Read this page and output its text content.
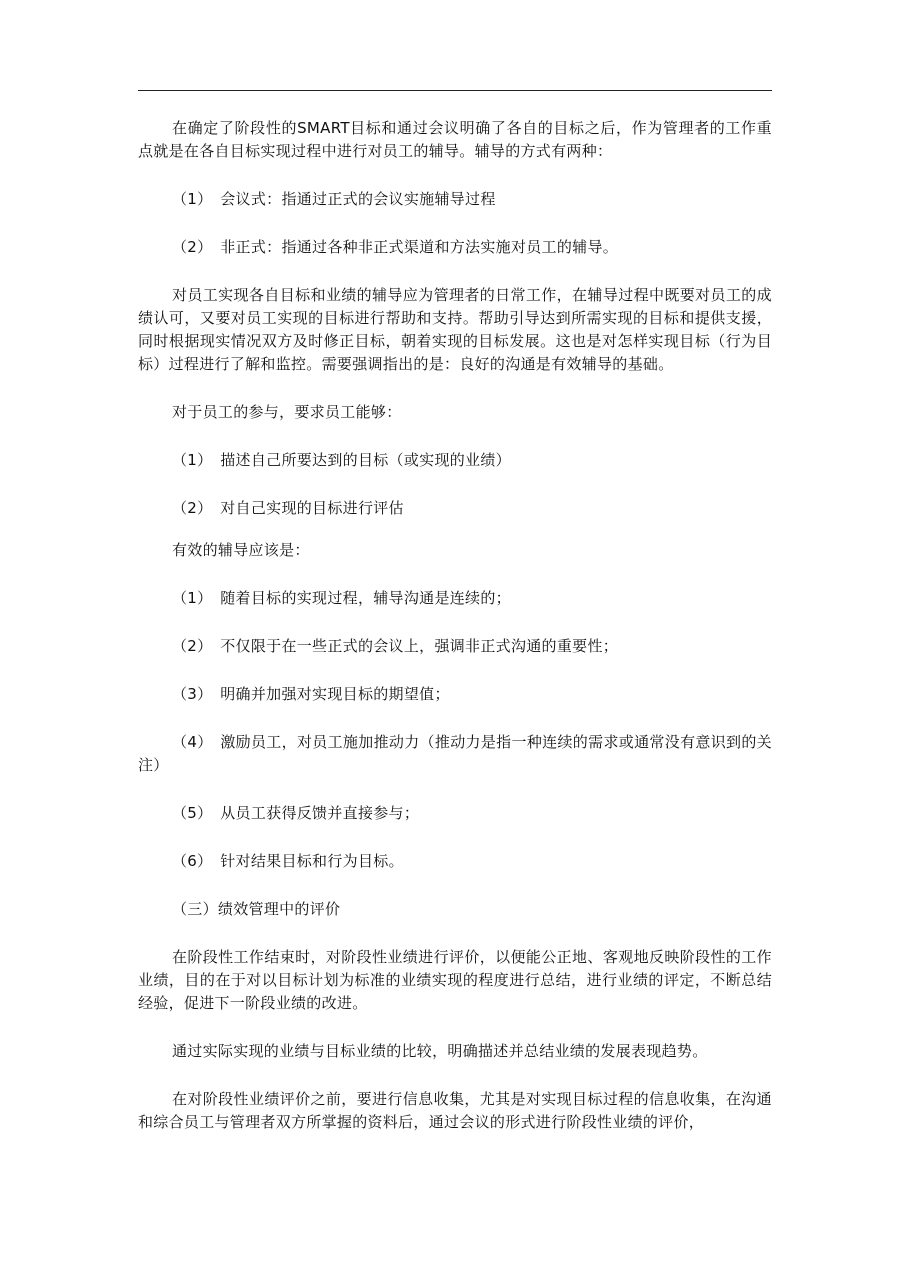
在确定了阶段性的SMART目标和通过会议明确了各自的目标之后，作为管理者的工作重点就是在各自目标实现过程中进行对员工的辅导。辅导的方式有两种：

（1）　会议式：指通过正式的会议实施辅导过程

（2）　非正式：指通过各种非正式渠道和方法实施对员工的辅导。

对员工实现各自目标和业绩的辅导应为管理者的日常工作，在辅导过程中既要对员工的成绩认可，又要对员工实现的目标进行帮助和支持。帮助引导达到所需实现的目标和提供支援，同时根据现实情况双方及时修正目标，朝着实现的目标发展。这也是对怎样实现目标（行为目标）过程进行了解和监控。需要强调指出的是：良好的沟通是有效辅导的基础。

对于员工的参与，要求员工能够：

（1）　描述自己所要达到的目标（或实现的业绩）

（2）　对自己实现的目标进行评估

有效的辅导应该是：

（1）　随着目标的实现过程，辅导沟通是连续的；

（2）　不仅限于在一些正式的会议上，强调非正式沟通的重要性；

（3）　明确并加强对实现目标的期望值；

（4）　激励员工，对员工施加推动力（推动力是指一种连续的需求或通常没有意识到的关注）

（5）　从员工获得反馈并直接参与；

（6）　针对结果目标和行为目标。

（三）绩效管理中的评价

在阶段性工作结束时，对阶段性业绩进行评价，以便能公正地、客观地反映阶段性的工作业绩，目的在于对以目标计划为标准的业绩实现的程度进行总结，进行业绩的评定，不断总结经验，促进下一阶段业绩的改进。

通过实际实现的业绩与目标业绩的比较，明确描述并总结业绩的发展表现趋势。

在对阶段性业绩评价之前，要进行信息收集，尤其是对实现目标过程的信息收集，在沟通和综合员工与管理者双方所掌握的资料后，通过会议的形式进行阶段性业绩的评价，
